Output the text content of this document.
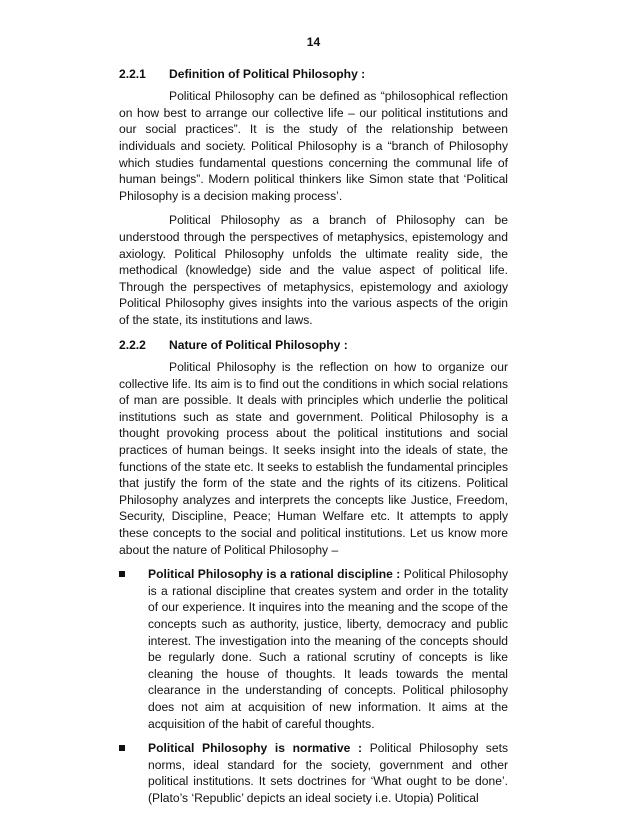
14
2.2.1 Definition of Political Philosophy :

Political Philosophy can be defined as “philosophical reflection on how best to arrange our collective life – our political institutions and our social practices”. It is the study of the relationship between individuals and society. Political Philosophy is a “branch of Philosophy which studies fundamental questions concerning the communal life of human beings”. Modern political thinkers like Simon state that ‘Political Philosophy is a decision making process’.

Political Philosophy as a branch of Philosophy can be understood through the perspectives of metaphysics, epistemology and axiology. Political Philosophy unfolds the ultimate reality side, the methodical (knowledge) side and the value aspect of political life. Through the perspectives of metaphysics, epistemology and axiology Political Philosophy gives insights into the various aspects of the origin of the state, its institutions and laws.

2.2.2 Nature of Political Philosophy :

Political Philosophy is the reflection on how to organize our collective life. Its aim is to find out the conditions in which social relations of man are possible. It deals with principles which underlie the political institutions such as state and government. Political Philosophy is a thought provoking process about the political institutions and social practices of human beings. It seeks insight into the ideals of state, the functions of the state etc. It seeks to establish the fundamental principles that justify the form of the state and the rights of its citizens. Political Philosophy analyzes and interprets the concepts like Justice, Freedom, Security, Discipline, Peace; Human Welfare etc. It attempts to apply these concepts to the social and political institutions. Let us know more about the nature of Political Philosophy –

Political Philosophy is a rational discipline : Political Philosophy is a rational discipline that creates system and order in the totality of our experience. It inquires into the meaning and the scope of the concepts such as authority, justice, liberty, democracy and public interest. The investigation into the meaning of the concepts should be regularly done. Such a rational scrutiny of concepts is like cleaning the house of thoughts. It leads towards the mental clearance in the understanding of concepts. Political philosophy does not aim at acquisition of new information. It aims at the acquisition of the habit of careful thoughts.
Political Philosophy is normative : Political Philosophy sets norms, ideal standard for the society, government and other political institutions. It sets doctrines for ‘What ought to be done’. (Plato’s ‘Republic’ depicts an ideal society i.e. Utopia) Political
